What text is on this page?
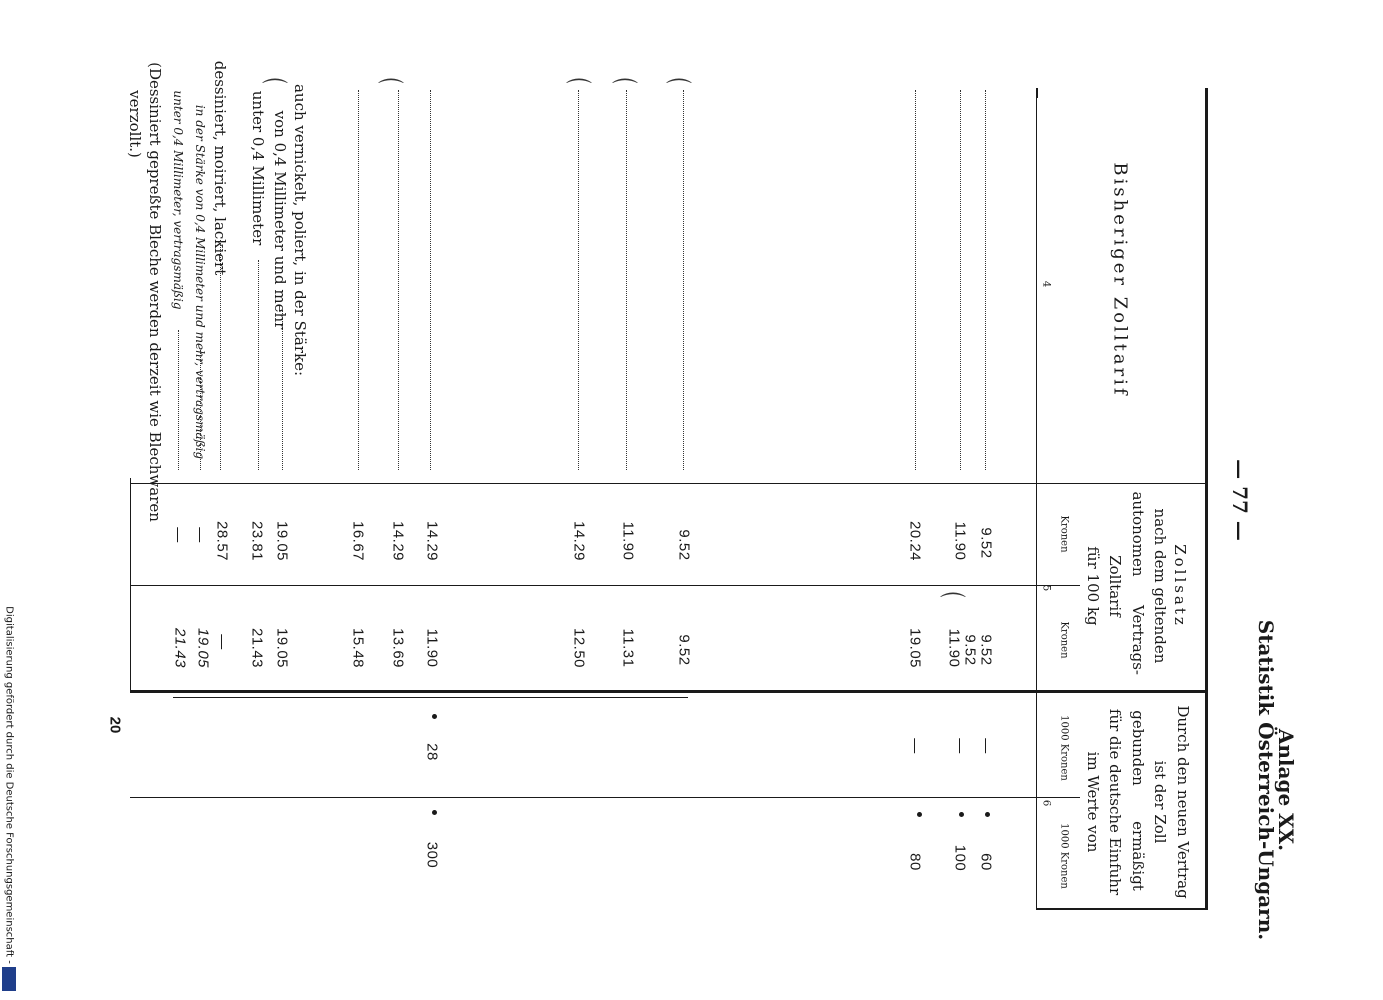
Anlage XX.
Statistik Österreich-Ungarn.
— 77 —
Bisheriger Zolltarif
4
Zollsatz
nach dem geltenden
autonomen
Vertrags-
Zolltarif
für 100 kg
Kronen
Kronen
5
Durch den neuen Vertrag
ist der Zoll
gebunden
ermäßigt
für die deutsche Einfuhr
im Werte von
1000 Kronen
1000 Kronen
6
⌒
⌒
⌒
⌒
⌒
⌒
9.52
11.90
20.24
9.52
11.90
14.29
14.29
14.29
16.67
19.05
23.81
28.57
—
—
9.52
9.52
11.90
19.05
9.52
11.31
12.50
11.90
13.69
15.48
19.05
21.43
—
19.05
21.43
—
—
—
28
60
100
80
300
auch vernickelt, poliert, in der Stärke:
von 0,4 Millimeter und mehr
unter 0,4 Millimeter
dessiniert, moiriert, lackiert
in der Stärke von 0,4 Millimeter und mehr, vertragsmäßig
unter 0,4 Millimeter, vertragsmäßig
(Dessiniert gepreßte Bleche werden derzeit wie Blechwaren
verzollt.)
20
Digitalisierung gefördert durch die Deutsche Forschungsgemeinschaft -
